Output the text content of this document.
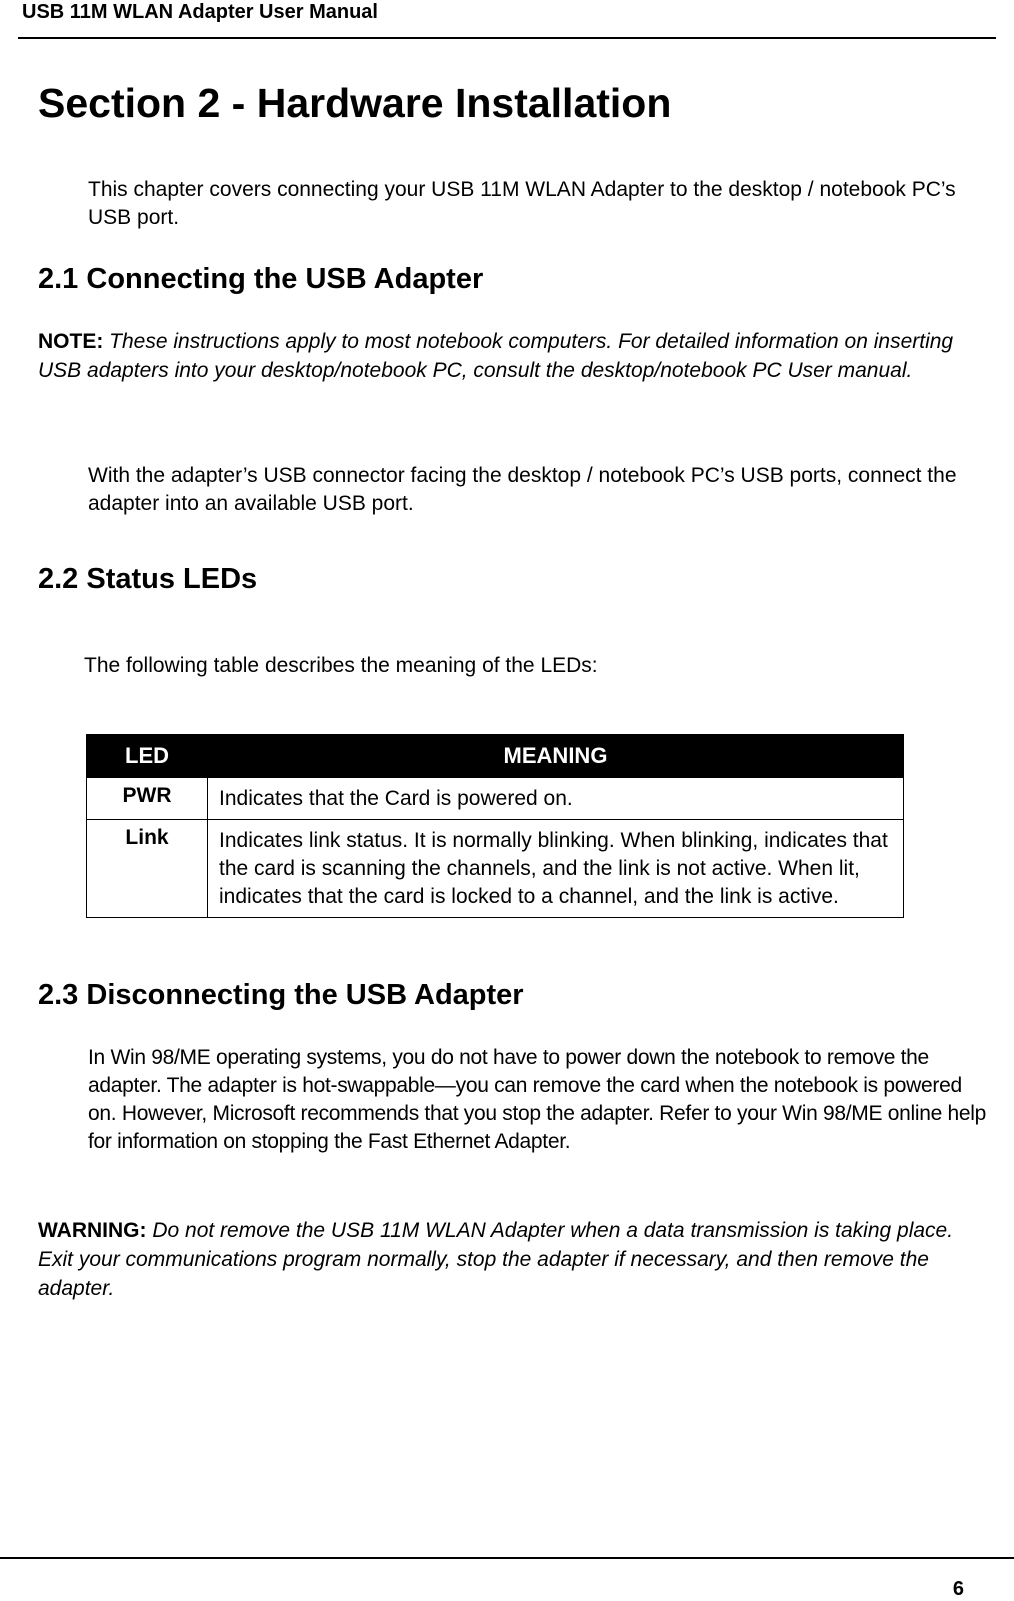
USB 11M WLAN Adapter User Manual
Section 2 - Hardware Installation
This chapter covers connecting your USB 11M WLAN Adapter to the desktop / notebook PC’s USB port.
2.1 Connecting the USB Adapter
NOTE: These instructions apply to most notebook computers. For detailed information on inserting USB adapters into your desktop/notebook PC, consult the desktop/notebook PC User manual.
With the adapter’s USB connector facing the desktop / notebook PC’s USB ports, connect the adapter into an available USB port.
2.2 Status LEDs
The following table describes the meaning of the LEDs:
LED	MEANING
PWR	Indicates that the Card is powered on.
Link	Indicates link status. It is normally blinking. When blinking, indicates that the card is scanning the channels, and the link is not active. When lit, indicates that the card is locked to a channel, and the link is active.
2.3 Disconnecting the USB Adapter
In Win 98/ME operating systems, you do not have to power down the notebook to remove the adapter. The adapter is hot-swappable—you can remove the card when the notebook is powered on. However, Microsoft recommends that you stop the adapter. Refer to your Win 98/ME online help for information on stopping the Fast Ethernet Adapter.
WARNING: Do not remove the USB 11M WLAN Adapter when a data transmission is taking place. Exit your communications program normally, stop the adapter if necessary, and then remove the adapter.
6
